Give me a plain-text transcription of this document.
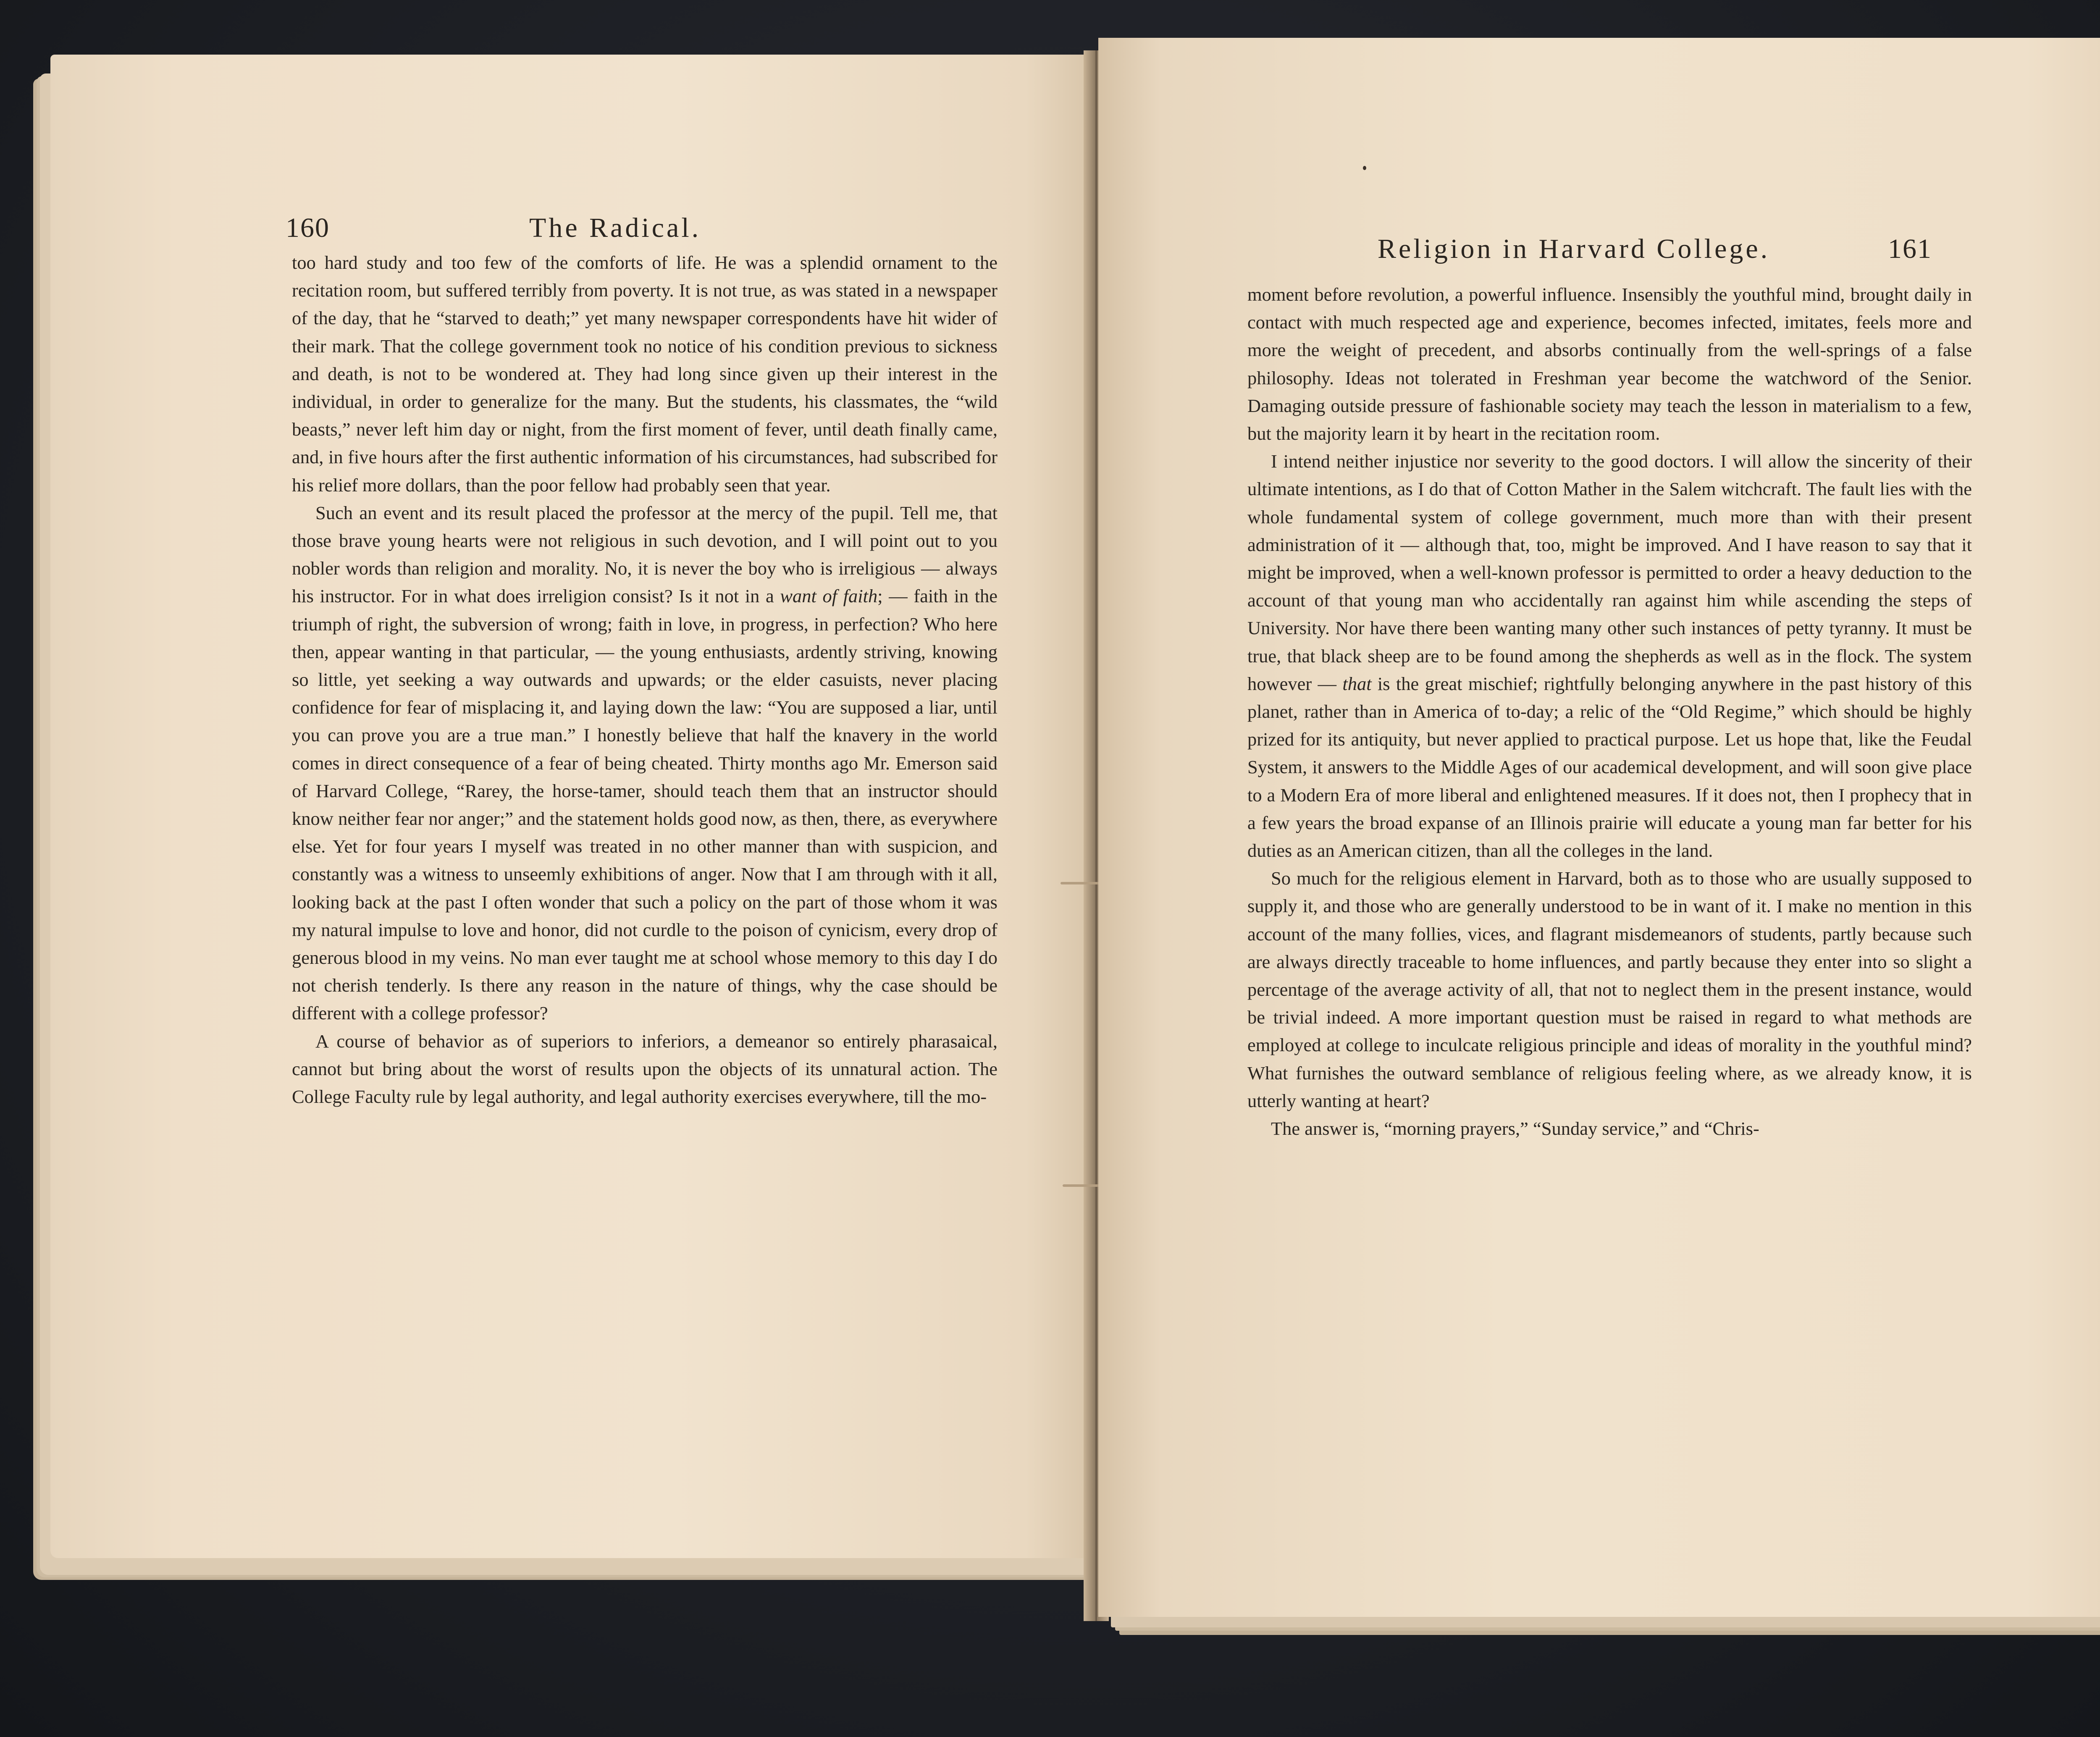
160	The Radical.

too hard study and too few of the comforts of life. He was a splendid ornament to the recitation room, but suffered terribly from poverty. It is not true, as was stated in a newspaper of the day, that he “starved to death;” yet many newspaper correspondents have hit wider of their mark. That the college government took no notice of his condition previous to sickness and death, is not to be wondered at. They had long since given up their interest in the individual, in order to generalize for the many. But the students, his classmates, the “wild beasts,” never left him day or night, from the first moment of fever, until death finally came, and, in five hours after the first authentic information of his circumstances, had subscribed for his relief more dollars, than the poor fellow had probably seen that year.

Such an event and its result placed the professor at the mercy of the pupil. Tell me, that those brave young hearts were not religious in such devotion, and I will point out to you nobler words than religion and morality. No, it is never the boy who is irreligious — always his instructor. For in what does irreligion consist? Is it not in a want of faith; — faith in the triumph of right, the subversion of wrong; faith in love, in progress, in perfection? Who here then, appear wanting in that particular, — the young enthusiasts, ardently striving, knowing so little, yet seeking a way outwards and upwards; or the elder casuists, never placing confidence for fear of misplacing it, and laying down the law: “You are supposed a liar, until you can prove you are a true man.” I honestly believe that half the knavery in the world comes in direct consequence of a fear of being cheated. Thirty months ago Mr. Emerson said of Harvard College, “Rarey, the horse-tamer, should teach them that an instructor should know neither fear nor anger;” and the statement holds good now, as then, there, as everywhere else. Yet for four years I myself was treated in no other manner than with suspicion, and constantly was a witness to unseemly exhibitions of anger. Now that I am through with it all, looking back at the past I often wonder that such a policy on the part of those whom it was my natural impulse to love and honor, did not curdle to the poison of cynicism, every drop of generous blood in my veins. No man ever taught me at school whose memory to this day I do not cherish tenderly. Is there any reason in the nature of things, why the case should be different with a college professor?

A course of behavior as of superiors to inferiors, a demeanor so entirely pharasaical, cannot but bring about the worst of results upon the objects of its unnatural action. The College Faculty rule by legal authority, and legal authority exercises everywhere, till the mo-

Religion in Harvard College.	161

moment before revolution, a powerful influence. Insensibly the youthful mind, brought daily in contact with much respected age and experience, becomes infected, imitates, feels more and more the weight of precedent, and absorbs continually from the well-springs of a false philosophy. Ideas not tolerated in Freshman year become the watchword of the Senior. Damaging outside pressure of fashionable society may teach the lesson in materialism to a few, but the majority learn it by heart in the recitation room.

I intend neither injustice nor severity to the good doctors. I will allow the sincerity of their ultimate intentions, as I do that of Cotton Mather in the Salem witchcraft. The fault lies with the whole fundamental system of college government, much more than with their present administration of it — although that, too, might be improved. And I have reason to say that it might be improved, when a well-known professor is permitted to order a heavy deduction to the account of that young man who accidentally ran against him while ascending the steps of University. Nor have there been wanting many other such instances of petty tyranny. It must be true, that black sheep are to be found among the shepherds as well as in the flock. The system however — that is the great mischief; rightfully belonging anywhere in the past history of this planet, rather than in America of to-day; a relic of the “Old Regime,” which should be highly prized for its antiquity, but never applied to practical purpose. Let us hope that, like the Feudal System, it answers to the Middle Ages of our academical development, and will soon give place to a Modern Era of more liberal and enlightened measures. If it does not, then I prophecy that in a few years the broad expanse of an Illinois prairie will educate a young man far better for his duties as an American citizen, than all the colleges in the land.

So much for the religious element in Harvard, both as to those who are usually supposed to supply it, and those who are generally understood to be in want of it. I make no mention in this account of the many follies, vices, and flagrant misdemeanors of students, partly because such are always directly traceable to home influences, and partly because they enter into so slight a percentage of the average activity of all, that not to neglect them in the present instance, would be trivial indeed. A more important question must be raised in regard to what methods are employed at college to inculcate religious principle and ideas of morality in the youthful mind? What furnishes the outward semblance of religious feeling where, as we already know, it is utterly wanting at heart?

The answer is, “morning prayers,” “Sunday service,” and “Chris-
